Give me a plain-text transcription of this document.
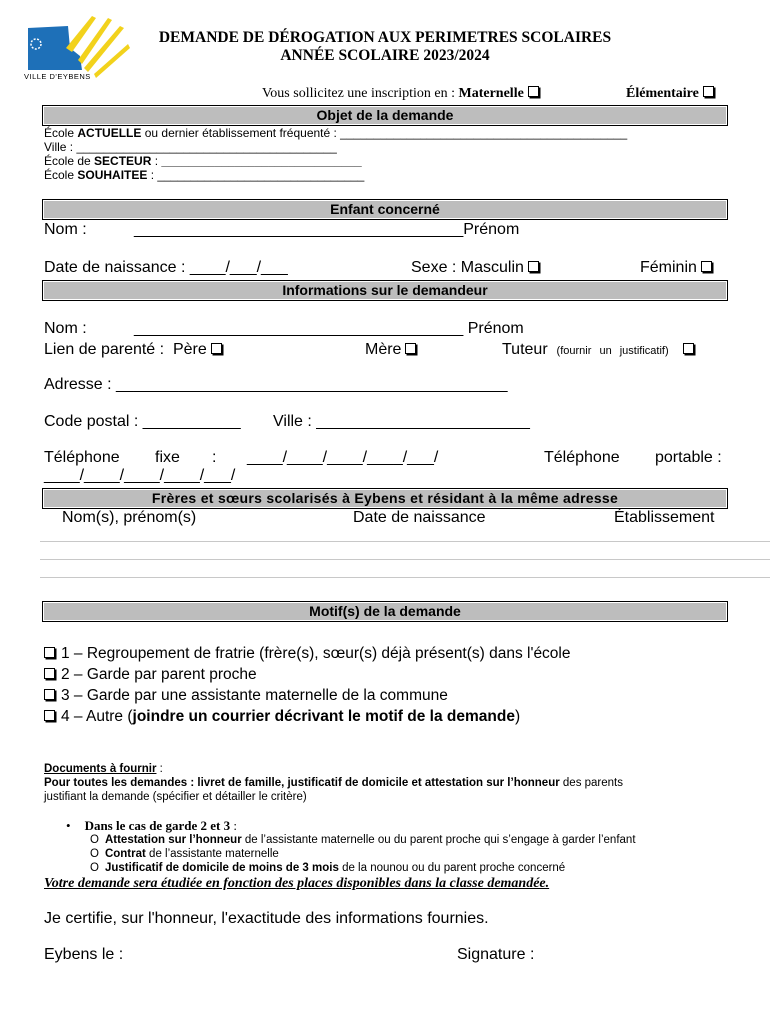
VILLE D'EYBENS
DEMANDE DE DÉROGATION AUX PERIMETRES SCOLAIRES
ANNÉE SCOLAIRE 2023/2024
Vous sollicitez une inscription en : Maternelle	Élémentaire
Objet de la demande
École ACTUELLE ou dernier établissement fréquenté : ___________________________________________
Ville : _______________________________________
École de SECTEUR : ______________________________
École SOUHAITEE : _______________________________
Enfant concerné
Nom :	_____________________________________Prénom
Date de naissance : ____/___/___	Sexe : Masculin	Féminin
Informations sur le demandeur
Nom :	_____________________________________ Prénom
Lien de parenté : Père	Mère	Tuteur (fournir un justificatif)
Adresse : ____________________________________________
Code postal : ___________ Ville : ________________________
Téléphone fixe : ____/____/____/____/___/	Téléphone portable :
____/____/____/____/___/
Frères et sœurs scolarisés à Eybens et résidant à la même adresse
Nom(s), prénom(s)	Date de naissance	Établissement
Motif(s) de la demande
1 – Regroupement de fratrie (frère(s), sœur(s) déjà présent(s) dans l'école
2 – Garde par parent proche
3 – Garde par une assistante maternelle de la commune
4 – Autre (joindre un courrier décrivant le motif de la demande)
Documents à fournir :
Pour toutes les demandes : livret de famille, justificatif de domicile et attestation sur l’honneur des parents
justifiant la demande (spécifier et détailler le critère)
• Dans le cas de garde 2 et 3 :
O Attestation sur l’honneur de l’assistante maternelle ou du parent proche qui s’engage à garder l’enfant
O Contrat de l’assistante maternelle
O Justificatif de domicile de moins de 3 mois de la nounou ou du parent proche concerné
Votre demande sera étudiée en fonction des places disponibles dans la classe demandée.
Je certifie, sur l'honneur, l'exactitude des informations fournies.
Eybens le :	Signature :
